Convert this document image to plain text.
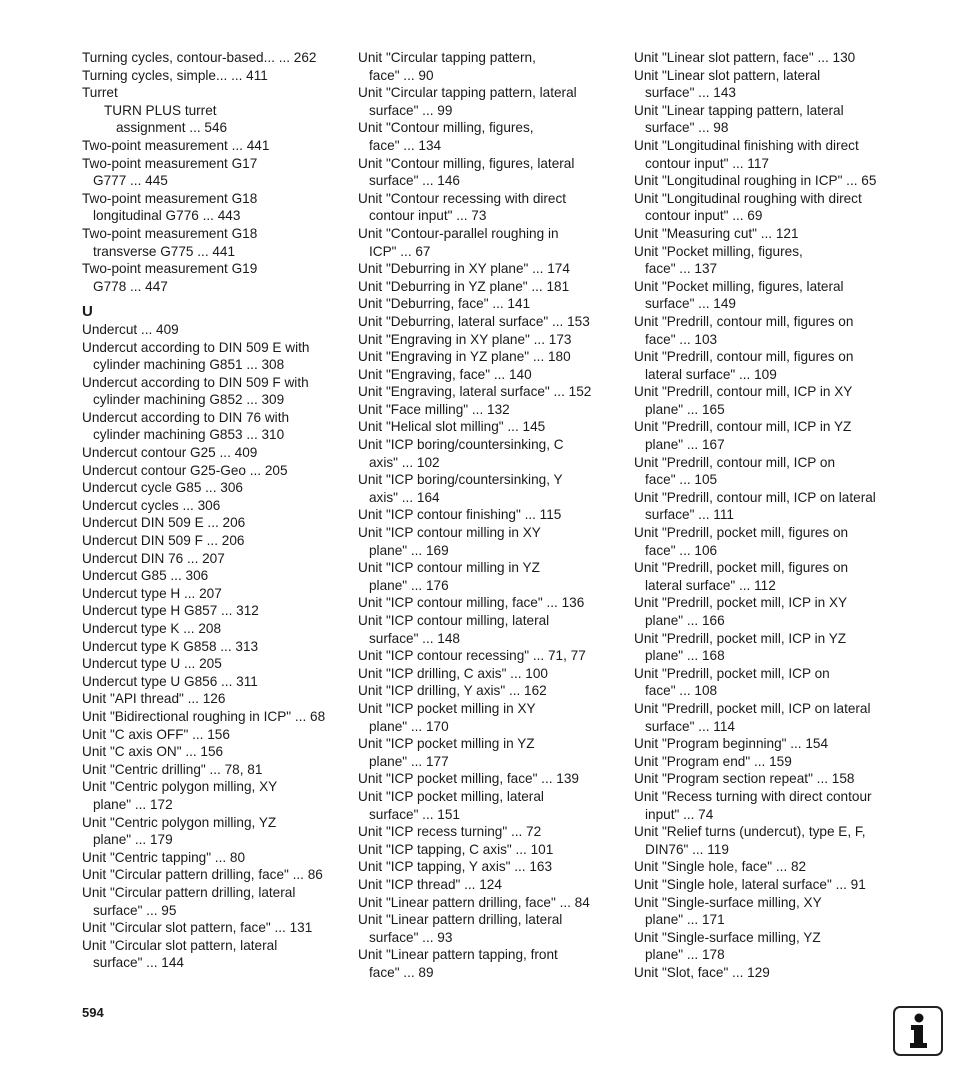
Turning cycles, contour-based... ... 262
Turning cycles, simple... ... 411
Turret
TURN PLUS turret
assignment ... 546
Two-point measurement ... 441
Two-point measurement G17
G777 ... 445
Two-point measurement G18
longitudinal G776 ... 443
Two-point measurement G18
transverse G775 ... 441
Two-point measurement G19
G778 ... 447
U
Undercut ... 409
Undercut according to DIN 509 E with
cylinder machining G851 ... 308
Undercut according to DIN 509 F with
cylinder machining G852 ... 309
Undercut according to DIN 76 with
cylinder machining G853 ... 310
Undercut contour G25 ... 409
Undercut contour G25-Geo ... 205
Undercut cycle G85 ... 306
Undercut cycles ... 306
Undercut DIN 509 E ... 206
Undercut DIN 509 F ... 206
Undercut DIN 76 ... 207
Undercut G85 ... 306
Undercut type H ... 207
Undercut type H G857 ... 312
Undercut type K ... 208
Undercut type K G858 ... 313
Undercut type U ... 205
Undercut type U G856 ... 311
Unit "API thread" ... 126
Unit "Bidirectional roughing in ICP" ... 68
Unit "C axis OFF" ... 156
Unit "C axis ON" ... 156
Unit "Centric drilling" ... 78, 81
Unit "Centric polygon milling, XY
plane" ... 172
Unit "Centric polygon milling, YZ
plane" ... 179
Unit "Centric tapping" ... 80
Unit "Circular pattern drilling, face" ... 86
Unit "Circular pattern drilling, lateral
surface" ... 95
Unit "Circular slot pattern, face" ... 131
Unit "Circular slot pattern, lateral
surface" ... 144
Unit "Circular tapping pattern,
face" ... 90
Unit "Circular tapping pattern, lateral
surface" ... 99
Unit "Contour milling, figures,
face" ... 134
Unit "Contour milling, figures, lateral
surface" ... 146
Unit "Contour recessing with direct
contour input" ... 73
Unit "Contour-parallel roughing in
ICP" ... 67
Unit "Deburring in XY plane" ... 174
Unit "Deburring in YZ plane" ... 181
Unit "Deburring, face" ... 141
Unit "Deburring, lateral surface" ... 153
Unit "Engraving in XY plane" ... 173
Unit "Engraving in YZ plane" ... 180
Unit "Engraving, face" ... 140
Unit "Engraving, lateral surface" ... 152
Unit "Face milling" ... 132
Unit "Helical slot milling" ... 145
Unit "ICP boring/countersinking, C
axis" ... 102
Unit "ICP boring/countersinking, Y
axis" ... 164
Unit "ICP contour finishing" ... 115
Unit "ICP contour milling in XY
plane" ... 169
Unit "ICP contour milling in YZ
plane" ... 176
Unit "ICP contour milling, face" ... 136
Unit "ICP contour milling, lateral
surface" ... 148
Unit "ICP contour recessing" ... 71, 77
Unit "ICP drilling, C axis" ... 100
Unit "ICP drilling, Y axis" ... 162
Unit "ICP pocket milling in XY
plane" ... 170
Unit "ICP pocket milling in YZ
plane" ... 177
Unit "ICP pocket milling, face" ... 139
Unit "ICP pocket milling, lateral
surface" ... 151
Unit "ICP recess turning" ... 72
Unit "ICP tapping, C axis" ... 101
Unit "ICP tapping, Y axis" ... 163
Unit "ICP thread" ... 124
Unit "Linear pattern drilling, face" ... 84
Unit "Linear pattern drilling, lateral
surface" ... 93
Unit "Linear pattern tapping, front
face" ... 89
Unit "Linear slot pattern, face" ... 130
Unit "Linear slot pattern, lateral
surface" ... 143
Unit "Linear tapping pattern, lateral
surface" ... 98
Unit "Longitudinal finishing with direct
contour input" ... 117
Unit "Longitudinal roughing in ICP" ... 65
Unit "Longitudinal roughing with direct
contour input" ... 69
Unit "Measuring cut" ... 121
Unit "Pocket milling, figures,
face" ... 137
Unit "Pocket milling, figures, lateral
surface" ... 149
Unit "Predrill, contour mill, figures on
face" ... 103
Unit "Predrill, contour mill, figures on
lateral surface" ... 109
Unit "Predrill, contour mill, ICP in XY
plane" ... 165
Unit "Predrill, contour mill, ICP in YZ
plane" ... 167
Unit "Predrill, contour mill, ICP on
face" ... 105
Unit "Predrill, contour mill, ICP on lateral
surface" ... 111
Unit "Predrill, pocket mill, figures on
face" ... 106
Unit "Predrill, pocket mill, figures on
lateral surface" ... 112
Unit "Predrill, pocket mill, ICP in XY
plane" ... 166
Unit "Predrill, pocket mill, ICP in YZ
plane" ... 168
Unit "Predrill, pocket mill, ICP on
face" ... 108
Unit "Predrill, pocket mill, ICP on lateral
surface" ... 114
Unit "Program beginning" ... 154
Unit "Program end" ... 159
Unit "Program section repeat" ... 158
Unit "Recess turning with direct contour
input" ... 74
Unit "Relief turns (undercut), type E, F,
DIN76" ... 119
Unit "Single hole, face" ... 82
Unit "Single hole, lateral surface" ... 91
Unit "Single-surface milling, XY
plane" ... 171
Unit "Single-surface milling, YZ
plane" ... 178
Unit "Slot, face" ... 129
594
